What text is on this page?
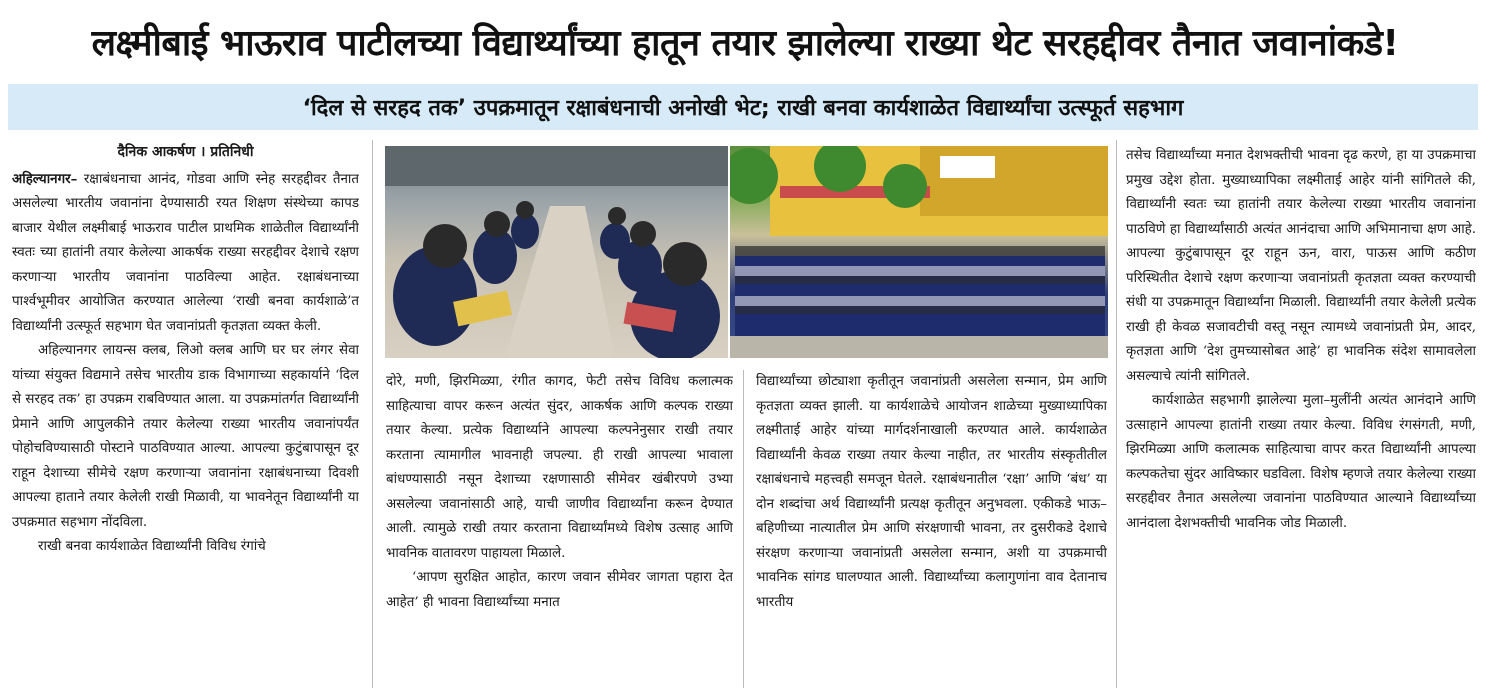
लक्ष्मीबाई भाऊराव पाटीलच्या विद्यार्थ्यांच्या हातून तयार झालेल्या राख्या थेट सरहद्दीवर तैनात जवानांकडे!
‘दिल से सरहद तक’ उपक्रमातून रक्षाबंधनाची अनोखी भेट; राखी बनवा कार्यशाळेत विद्यार्थ्यांचा उत्स्फूर्त सहभाग
दैनिक आकर्षण । प्रतिनिधी

अहिल्यानगर– रक्षाबंधनाचा आनंद, गोडवा आणि स्नेह सरहद्दीवर तैनात असलेल्या भारतीय जवानांना देण्यासाठी रयत शिक्षण संस्थेच्या कापड बाजार येथील लक्ष्मीबाई भाऊराव पाटील प्राथमिक शाळेतील विद्यार्थ्यांनी स्वतः च्या हातांनी तयार केलेल्या आकर्षक राख्या सरहद्दीवर देशाचे रक्षण करणाऱ्या भारतीय जवानांना पाठविल्या आहेत. रक्षाबंधनाच्या पार्श्वभूमीवर आयोजित करण्यात आलेल्या ‘राखी बनवा कार्यशाळे’त विद्यार्थ्यांनी उत्स्फूर्त सहभाग घेत जवानांप्रती कृतज्ञता व्यक्त केली.

अहिल्यानगर लायन्स क्लब, लिओ क्लब आणि घर घर लंगर सेवा यांच्या संयुक्त विद्यमाने तसेच भारतीय डाक विभागाच्या सहकार्याने ‘दिल से सरहद तक’ हा उपक्रम राबविण्यात आला. या उपक्रमांतर्गत विद्यार्थ्यांनी प्रेमाने आणि आपुलकीने तयार केलेल्या राख्या भारतीय जवानांपर्यंत पोहोचविण्यासाठी पोस्टाने पाठविण्यात आल्या. आपल्या कुटुंबापासून दूर राहून देशाच्या सीमेचे रक्षण करणाऱ्या जवानांना रक्षाबंधनाच्या दिवशी आपल्या हाताने तयार केलेली राखी मिळावी, या भावनेतून विद्यार्थ्यांनी या उपक्रमात सहभाग नोंदविला.

राखी बनवा कार्यशाळेत विद्यार्थ्यांनी विविध रंगांचे

दोरे, मणी, झिरमिळ्या, रंगीत कागद, फेटी तसेच विविध कलात्मक साहित्याचा वापर करून अत्यंत सुंदर, आकर्षक आणि कल्पक राख्या तयार केल्या. प्रत्येक विद्यार्थ्याने आपल्या कल्पनेनुसार राखी तयार करताना त्यामागील भावनाही जपल्या. ही राखी आपल्या भावाला बांधण्यासाठी नसून देशाच्या रक्षणासाठी सीमेवर खंबीरपणे उभ्या असलेल्या जवानांसाठी आहे, याची जाणीव विद्यार्थ्यांना करून देण्यात आली. त्यामुळे राखी तयार करताना विद्यार्थ्यांमध्ये विशेष उत्साह आणि भावनिक वातावरण पाहायला मिळाले.

‘आपण सुरक्षित आहोत, कारण जवान सीमेवर जागता पहारा देत आहेत’ ही भावना विद्यार्थ्यांच्या मनात

विद्यार्थ्यांच्या छोट्याशा कृतीतून जवानांप्रती असलेला सन्मान, प्रेम आणि कृतज्ञता व्यक्त झाली. या कार्यशाळेचे आयोजन शाळेच्या मुख्याध्यापिका लक्ष्मीताई आहेर यांच्या मार्गदर्शनाखाली करण्यात आले. कार्यशाळेत विद्यार्थ्यांनी केवळ राख्या तयार केल्या नाहीत, तर भारतीय संस्कृतीतील रक्षाबंधनाचे महत्त्वही समजून घेतले. रक्षाबंधनातील ‘रक्षा’ आणि ‘बंध’ या दोन शब्दांचा अर्थ विद्यार्थ्यांनी प्रत्यक्ष कृतीतून अनुभवला. एकीकडे भाऊ–बहिणीच्या नात्यातील प्रेम आणि संरक्षणाची भावना, तर दुसरीकडे देशाचे संरक्षण करणाऱ्या जवानांप्रती असलेला सन्मान, अशी या उपक्रमाची भावनिक सांगड घालण्यात आली. विद्यार्थ्यांच्या कलागुणांना वाव देतानाच भारतीय

तसेच विद्यार्थ्यांच्या मनात देशभक्तीची भावना दृढ करणे, हा या उपक्रमाचा प्रमुख उद्देश होता. मुख्याध्यापिका लक्ष्मीताई आहेर यांनी सांगितले की, विद्यार्थ्यांनी स्वतः च्या हातांनी तयार केलेल्या राख्या भारतीय जवानांना पाठविणे हा विद्यार्थ्यांसाठी अत्यंत आनंदाचा आणि अभिमानाचा क्षण आहे. आपल्या कुटुंबापासून दूर राहून ऊन, वारा, पाऊस आणि कठीण परिस्थितीत देशाचे रक्षण करणाऱ्या जवानांप्रती कृतज्ञता व्यक्त करण्याची संधी या उपक्रमातून विद्यार्थ्यांना मिळाली. विद्यार्थ्यांनी तयार केलेली प्रत्येक राखी ही केवळ सजावटीची वस्तू नसून त्यामध्ये जवानांप्रती प्रेम, आदर, कृतज्ञता आणि ‘देश तुमच्यासोबत आहे’ हा भावनिक संदेश सामावलेला असल्याचे त्यांनी सांगितले.

कार्यशाळेत सहभागी झालेल्या मुला–मुलींनी अत्यंत आनंदाने आणि उत्साहाने आपल्या हातांनी राख्या तयार केल्या. विविध रंगसंगती, मणी, झिरमिळ्या आणि कलात्मक साहित्याचा वापर करत विद्यार्थ्यांनी आपल्या कल्पकतेचा सुंदर आविष्कार घडविला. विशेष म्हणजे तयार केलेल्या राख्या सरहद्दीवर तैनात असलेल्या जवानांना पाठविण्यात आल्याने विद्यार्थ्यांच्या आनंदाला देशभक्तीची भावनिक जोड मिळाली.
